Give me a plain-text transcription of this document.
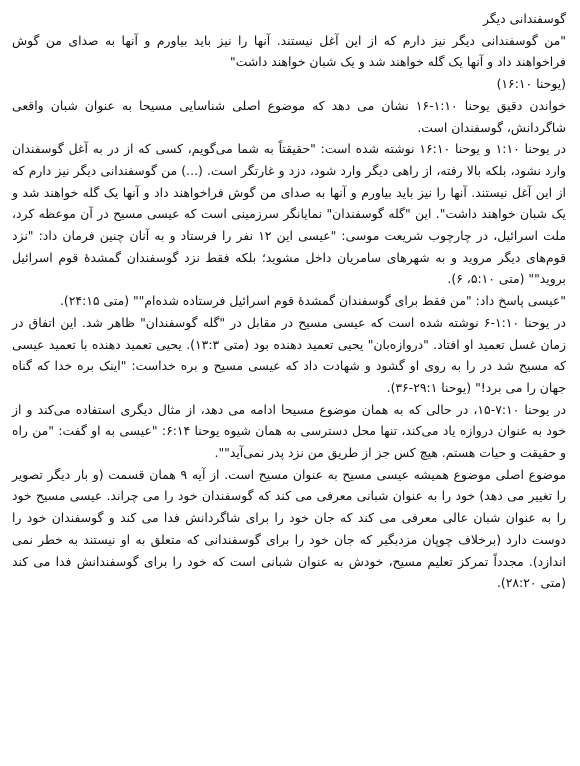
گوسفندانی دیگر

"من گوسفندانی دیگر نیز دارم که از این آغل نیستند. آنها را نیز باید بیاورم و آنها به صدای من گوش فراخواهند داد و آنها یک گله خواهند شد و یک شبان خواهند داشت"

(یوحنا ۱۶:۱۰)

خواندن دقیق یوحنا ۱:۱۰-۱۶ نشان می دهد که موضوع اصلی شناسایی مسیحا به عنوان شبان واقعی شاگردانش، گوسفندان است.

در یوحنا ۱:۱۰ و یوحنا ۱۶:۱۰ نوشته شده است: "حقیقتاً به شما می‌گویم، کسی که از در به آغل گوسفندان وارد نشود، بلکه بالا رفته، از راهی دیگر وارد شود، دزد و غارتگر است. (...) من گوسفندانی دیگر نیز دارم که از این آغل نیستند. آنها را نیز باید بیاورم و آنها به صدای من گوش فراخواهند داد و آنها یک گله خواهند شد و یک شبان خواهند داشت". این "گله گوسفندان" نمایانگر سرزمینی است که عیسی مسیح در آن موعظه کرد، ملت اسرائیل، در چارچوب شریعت موسی: "عیسی این ۱۲ نفر را فرستاد و به آنان چنین فرمان داد: "نزد قوم‌های دیگر مروید و به شهرهای سامریان داخل مشوید؛ بلکه فقط نزد گوسفندان گمشدهٔ قوم اسرائیل بروید"" (متی ۵:۱۰، ۶).

"عیسی پاسخ داد: "من فقط برای گوسفندان گمشدهٔ قوم اسرائیل فرستاده شده‌ام"" (متی ۲۴:۱۵).

در یوحنا ۱:۱۰-۶ نوشته شده است که عیسی مسیح در مقابل در "گله گوسفندان" ظاهر شد. این اتفاق در زمان غسل تعمید او افتاد. "دروازه‌بان" یحیی تعمید دهنده بود (متی ۱۳:۳). یحیی تعمید دهنده با تعمید عیسی که مسیح شد در را به روی او گشود و شهادت داد که عیسی مسیح و بره خداست: "اینک بره خدا که گناه جهان را می برد!" (یوحنا ۲۹:۱-۳۶).

در یوحنا ۷:۱۰-۱۵، در حالی که به همان موضوع مسیحا ادامه می دهد، از مثال دیگری استفاده می‌کند و از خود به عنوان دروازه یاد می‌کند، تنها محل دسترسی به همان شیوه یوحنا ۶:۱۴: "عیسی به او گفت: "من راه و حقیقت و حیات هستم. هیچ کس جز از طریق من نزد پدر نمی‌آید"".

موضوع اصلی موضوع همیشه عیسی مسیح به عنوان مسیح است. از آیه ۹ همان قسمت (و بار دیگر تصویر را تغییر می دهد) خود را به عنوان شبانی معرفی می کند که گوسفندان خود را می چراند. عیسی مسیح خود را به عنوان شبان عالی معرفی می کند که جان خود را برای شاگردانش فدا می کند و گوسفندان خود را دوست دارد (برخلاف چوپان مزدبگیر که جان خود را برای گوسفندانی که متعلق به او نیستند به خطر نمی اندازد). مجدداً تمرکز تعلیم مسیح، خودش به عنوان شبانی است که خود را برای گوسفندانش فدا می کند (متی ۲۸:۲۰).
